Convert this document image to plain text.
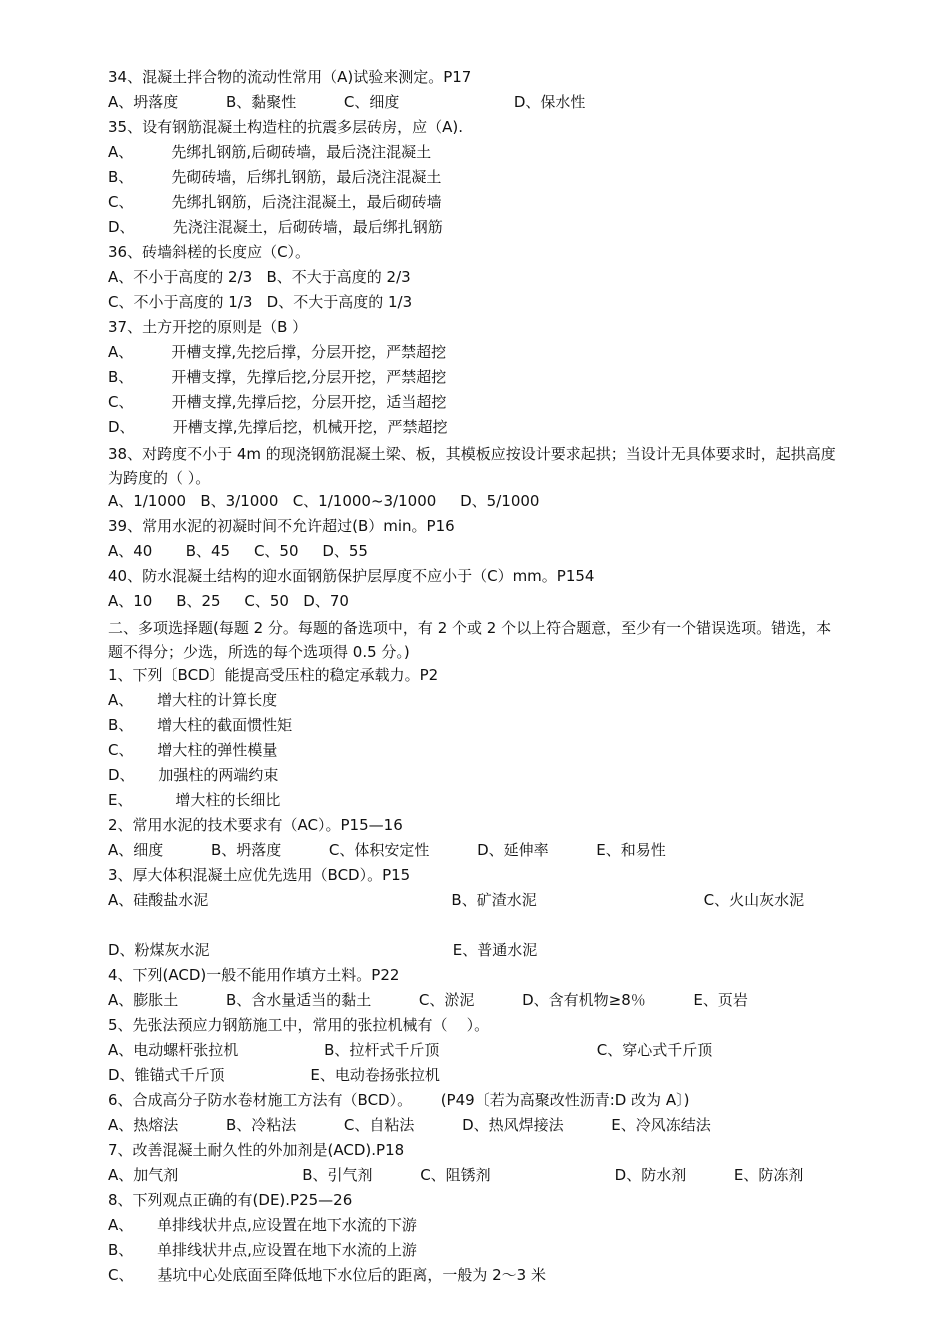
34、混凝土拌合物的流动性常用（A)试验来测定。P17
A、坍落度          B、黏聚性          C、细度                        D、保水性
35、设有钢筋混凝土构造柱的抗震多层砖房，应（A).
A、        先绑扎钢筋,后砌砖墙，最后浇注混凝土
B、        先砌砖墙，后绑扎钢筋，最后浇注混凝土
C、        先绑扎钢筋，后浇注混凝土，最后砌砖墙
D、        先浇注混凝土，后砌砖墙，最后绑扎钢筋
36、砖墙斜槎的长度应（C）。
A、不小于高度的 2/3   B、不大于高度的 2/3
C、不小于高度的 1/3   D、不大于高度的 1/3
37、土方开挖的原则是（B ）
A、        开槽支撑,先挖后撑，分层开挖，严禁超挖
B、        开槽支撑，先撑后挖,分层开挖，严禁超挖
C、        开槽支撑,先撑后挖，分层开挖，适当超挖
D、        开槽支撑,先撑后挖，机械开挖，严禁超挖
38、对跨度不小于 4m 的现浇钢筋混凝土梁、板，其模板应按设计要求起拱；当设计无具体要求时，起拱高度为跨度的（ ）。
A、1/1000   B、3/1000   C、1/1000~3/1000     D、5/1000
39、常用水泥的初凝时间不允许超过(B）min。P16
A、40       B、45     C、50     D、55
40、防水混凝土结构的迎水面钢筋保护层厚度不应小于（C）mm。P154
A、10     B、25     C、50   D、70
二、多项选择题(每题 2 分。每题的备选项中，有 2 个或 2 个以上符合题意，至少有一个错误选项。错选，本题不得分；少选，所选的每个选项得 0.5 分。)
1、下列〔BCD〕能提高受压柱的稳定承载力。P2
A、     增大柱的计算长度
B、     增大柱的截面惯性矩
C、     增大柱的弹性模量
D、     加强柱的两端约束
E、         增大柱的长细比
2、常用水泥的技术要求有（AC）。P15—16
A、细度          B、坍落度          C、体积安定性          D、延伸率          E、和易性
3、厚大体积混凝土应优先选用（BCD）。P15
A、硅酸盐水泥                                                   B、矿渣水泥                                   C、火山灰水泥
D、粉煤灰水泥                                                   E、普通水泥
4、下列(ACD)一般不能用作填方土料。P22
A、膨胀土          B、含水量适当的黏土          C、淤泥          D、含有机物≥8％          E、页岩
5、先张法预应力钢筋施工中，常用的张拉机械有（    ）。
A、电动螺杆张拉机                  B、拉杆式千斤顶                                 C、穿心式千斤顶
D、锥锚式千斤顶                  E、电动卷扬张拉机
6、合成高分子防水卷材施工方法有（BCD）。      (P49〔若为高聚改性沥青:D 改为 A〕)
A、热熔法          B、冷粘法          C、自粘法          D、热风焊接法          E、冷风冻结法
7、改善混凝土耐久性的外加剂是(ACD).P18
A、加气剂                          B、引气剂          C、阻锈剂                          D、防水剂          E、防冻剂
8、下列观点正确的有(DE).P25—26
A、     单排线状井点,应设置在地下水流的下游
B、     单排线状井点,应设置在地下水流的上游
C、     基坑中心处底面至降低地下水位后的距离，一般为 2～3 米
